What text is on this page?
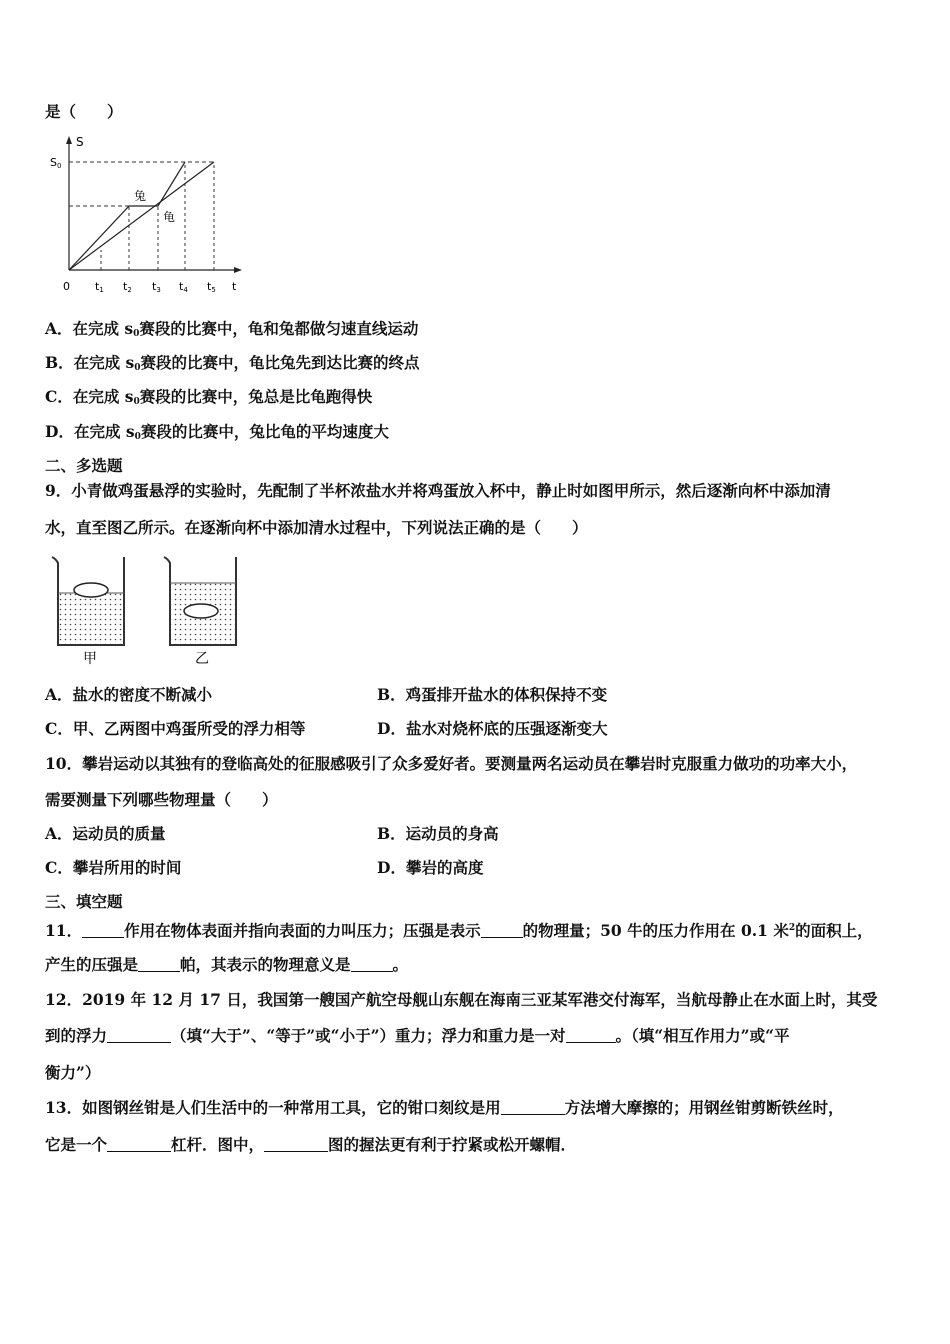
是（　　）
S
S0
兔
龟
0 t1 t2 t3 t4 t5 t
A．在完成 $s_0$赛段的比赛中，龟和兔都做匀速直线运动
B．在完成 $s_0$赛段的比赛中，龟比兔先到达比赛的终点
C．在完成 $s_0$赛段的比赛中，兔总是比龟跑得快
D．在完成 $s_0$赛段的比赛中，兔比龟的平均速度大
二、多选题
9．小青做鸡蛋悬浮的实验时，先配制了半杯浓盐水并将鸡蛋放入杯中，静止时如图甲所示，然后逐渐向杯中添加清
水，直至图乙所示。在逐渐向杯中添加清水过程中，下列说法正确的是（　　）
甲	乙
A．盐水的密度不断减小	B．鸡蛋排开盐水的体积保持不变
C．甲、乙两图中鸡蛋所受的浮力相等	D．盐水对烧杯底的压强逐渐变大
10．攀岩运动以其独有的登临高处的征服感吸引了众多爱好者。要测量两名运动员在攀岩时克服重力做功的功率大小，
需要测量下列哪些物理量（　　）
A．运动员的质量	B．运动员的身高
C．攀岩所用的时间	D．攀岩的高度
三、填空题
11．	作用在物体表面并指向表面的力叫压力；压强是表示	的物理量；50 牛的压力作用在 0.1 米$^2$的面积上，
产生的压强是	帕，其表示的物理意义是	。
12．2019 年 12 月 17 日，我国第一艘国产航空母舰山东舰在海南三亚某军港交付海军，当航母静止在水面上时，其受
到的浮力	（填“大于”、“等于”或“小于”）重力；浮力和重力是一对	。（填“相互作用力”或“平
衡力”）
13．如图钢丝钳是人们生活中的一种常用工具，它的钳口刻纹是用	方法增大摩擦的；用钢丝钳剪断铁丝时，
它是一个	杠杆．图中，	图的握法更有利于拧紧或松开螺帽．
